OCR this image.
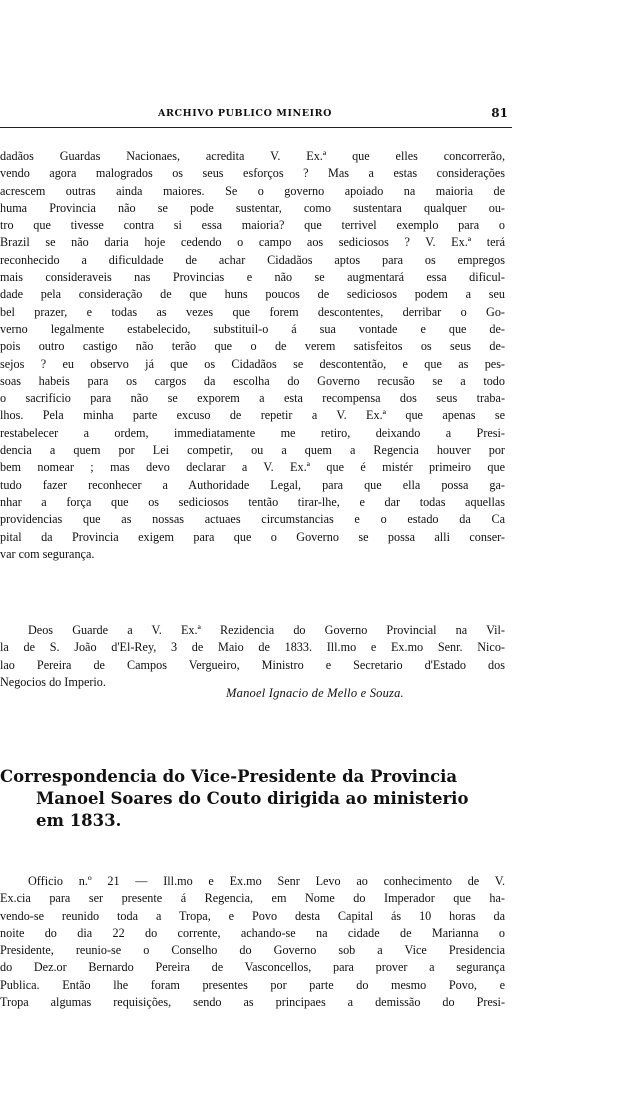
ARCHIVO PUBLICO MINEIRO	81
dadãos Guardas Nacionaes, acredita V. Ex.ª que elles concorrerão,
vendo agora malogrados os seus esforços ? Mas a estas considerações
acrescem outras ainda maiores. Se o governo apoiado na maioria de
huma Provincia não se pode sustentar, como sustentara qualquer ou-
tro que tivesse contra si essa maioria? que terrivel exemplo para o
Brazil se não daria hoje cedendo o campo aos sediciosos ? V. Ex.ª terá
reconhecido a dificuldade de achar Cidadãos aptos para os empregos
mais consideraveis nas Provincias e não se augmentará essa dificul-
dade pela consideração de que huns poucos de sediciosos podem a seu
bel prazer, e todas as vezes que forem descontentes, derribar o Go-
verno legalmente estabelecido, substituil-o á sua vontade e que de-
pois outro castigo não terão que o de verem satisfeitos os seus de-
sejos ? eu observo já que os Cidadãos se descontentão, e que as pes-
soas habeis para os cargos da escolha do Governo recusão se a todo
o sacrificio para não se exporem a esta recompensa dos seus traba-
lhos. Pela minha parte excuso de repetir a V. Ex.ª que apenas se
restabelecer a ordem, immediatamente me retiro, deixando a Presi-
dencia a quem por Lei competir, ou a quem a Regencia houver por
bem nomear ; mas devo declarar a V. Ex.ª que é mistér primeiro que
tudo fazer reconhecer a Authoridade Legal, para que ella possa ga-
nhar a força que os sediciosos tentão tirar-lhe, e dar todas aquellas
providencias que as nossas actuaes circumstancias e o estado da Ca
pital da Provincia exigem para que o Governo se possa alli conser-
var com segurança.
Deos Guarde a V. Ex.ª Rezidencia do Governo Provincial na Vil-
la de S. João d'El-Rey, 3 de Maio de 1833. Ill.mo e Ex.mo Senr. Nico-
lao Pereira de Campos Vergueiro, Ministro e Secretario d'Estado dos
Negocios do Imperio.
Manoel Ignacio de Mello e Souza.
Correspondencia do Vice-Presidente da Provincia
Manoel Soares do Couto dirigida ao ministerio
em 1833.
Officio n.º 21 — Ill.mo e Ex.mo Senr Levo ao conhecimento de V.
Ex.cia para ser presente á Regencia, em Nome do Imperador que ha-
vendo-se reunido toda a Tropa, e Povo desta Capital ás 10 horas da
noite do dia 22 do corrente, achando-se na cidade de Marianna o
Presidente, reunio-se o Conselho do Governo sob a Vice Presidencia
do Dez.or Bernardo Pereira de Vasconcellos, para prover a segurança
Publica. Então lhe foram presentes por parte do mesmo Povo, e
Tropa algumas requisições, sendo as principaes a demissão do Presi-
